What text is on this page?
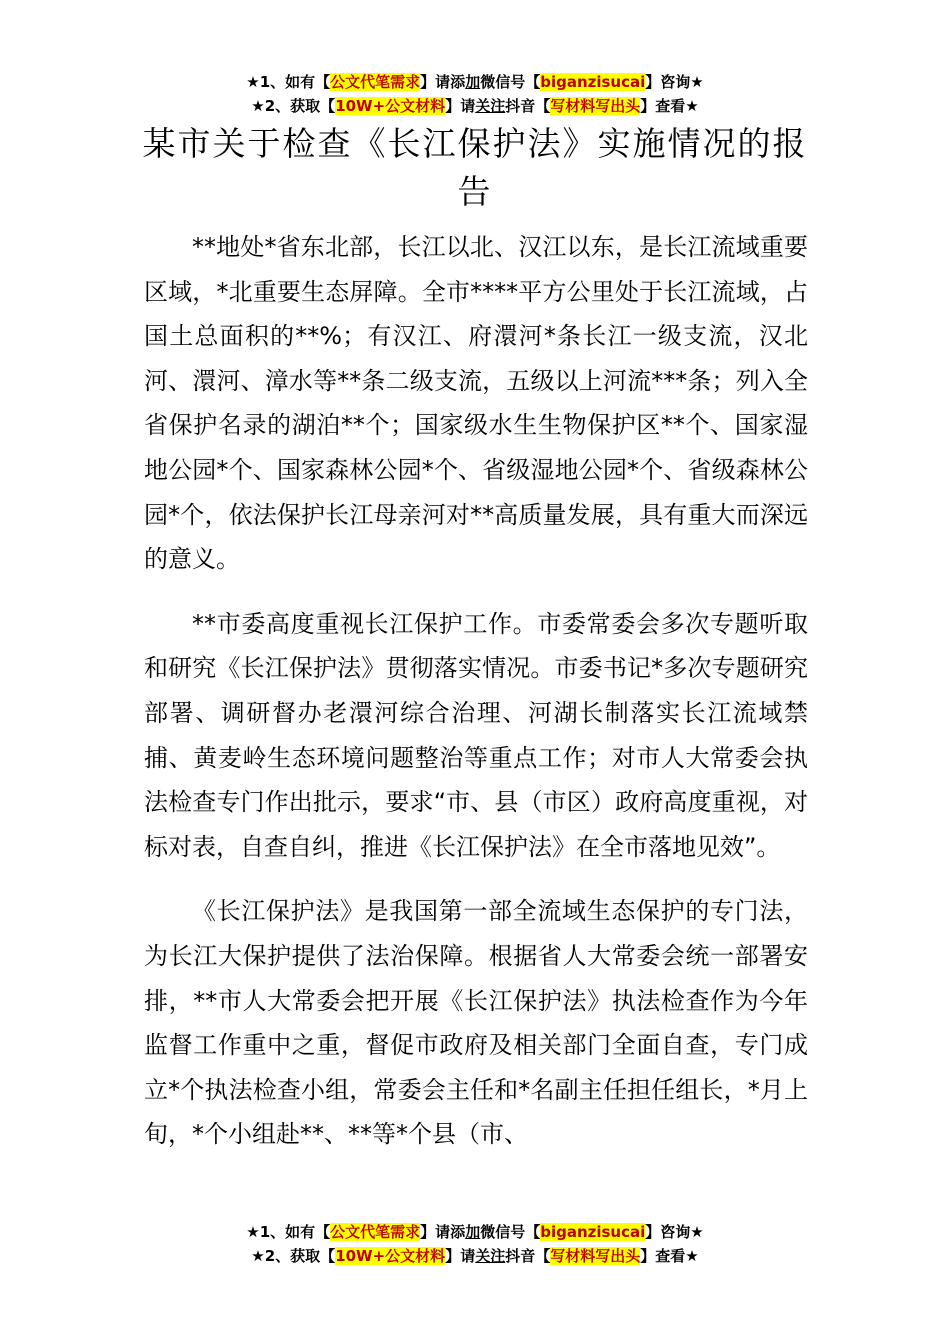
★1、如有【公文代笔需求】请添加微信号【biganzisucai】咨询★
★2、获取【10W+公文材料】请关注抖音【写材料写出头】查看★
某市关于检查《长江保护法》实施情况的报告

**地处*省东北部，长江以北、汉江以东，是长江流域重要区域，*北重要生态屏障。全市****平方公里处于长江流域，占国土总面积的**%；有汉江、府澴河*条长江一级支流，汉北河、澴河、漳水等**条二级支流，五级以上河流***条；列入全省保护名录的湖泊**个；国家级水生生物保护区**个、国家湿地公园*个、国家森林公园*个、省级湿地公园*个、省级森林公园*个，依法保护长江母亲河对**高质量发展，具有重大而深远的意义。

**市委高度重视长江保护工作。市委常委会多次专题听取和研究《长江保护法》贯彻落实情况。市委书记*多次专题研究部署、调研督办老澴河综合治理、河湖长制落实长江流域禁捕、黄麦岭生态环境问题整治等重点工作；对市人大常委会执法检查专门作出批示，要求“市、县（市区）政府高度重视，对标对表，自查自纠，推进《长江保护法》在全市落地见效”。

《长江保护法》是我国第一部全流域生态保护的专门法，为长江大保护提供了法治保障。根据省人大常委会统一部署安排，**市人大常委会把开展《长江保护法》执法检查作为今年监督工作重中之重，督促市政府及相关部门全面自查，专门成立*个执法检查小组，常委会主任和*名副主任担任组长，*月上旬，*个小组赴**、**等*个县（市、

★1、如有【公文代笔需求】请添加微信号【biganzisucai】咨询★
★2、获取【10W+公文材料】请关注抖音【写材料写出头】查看★
